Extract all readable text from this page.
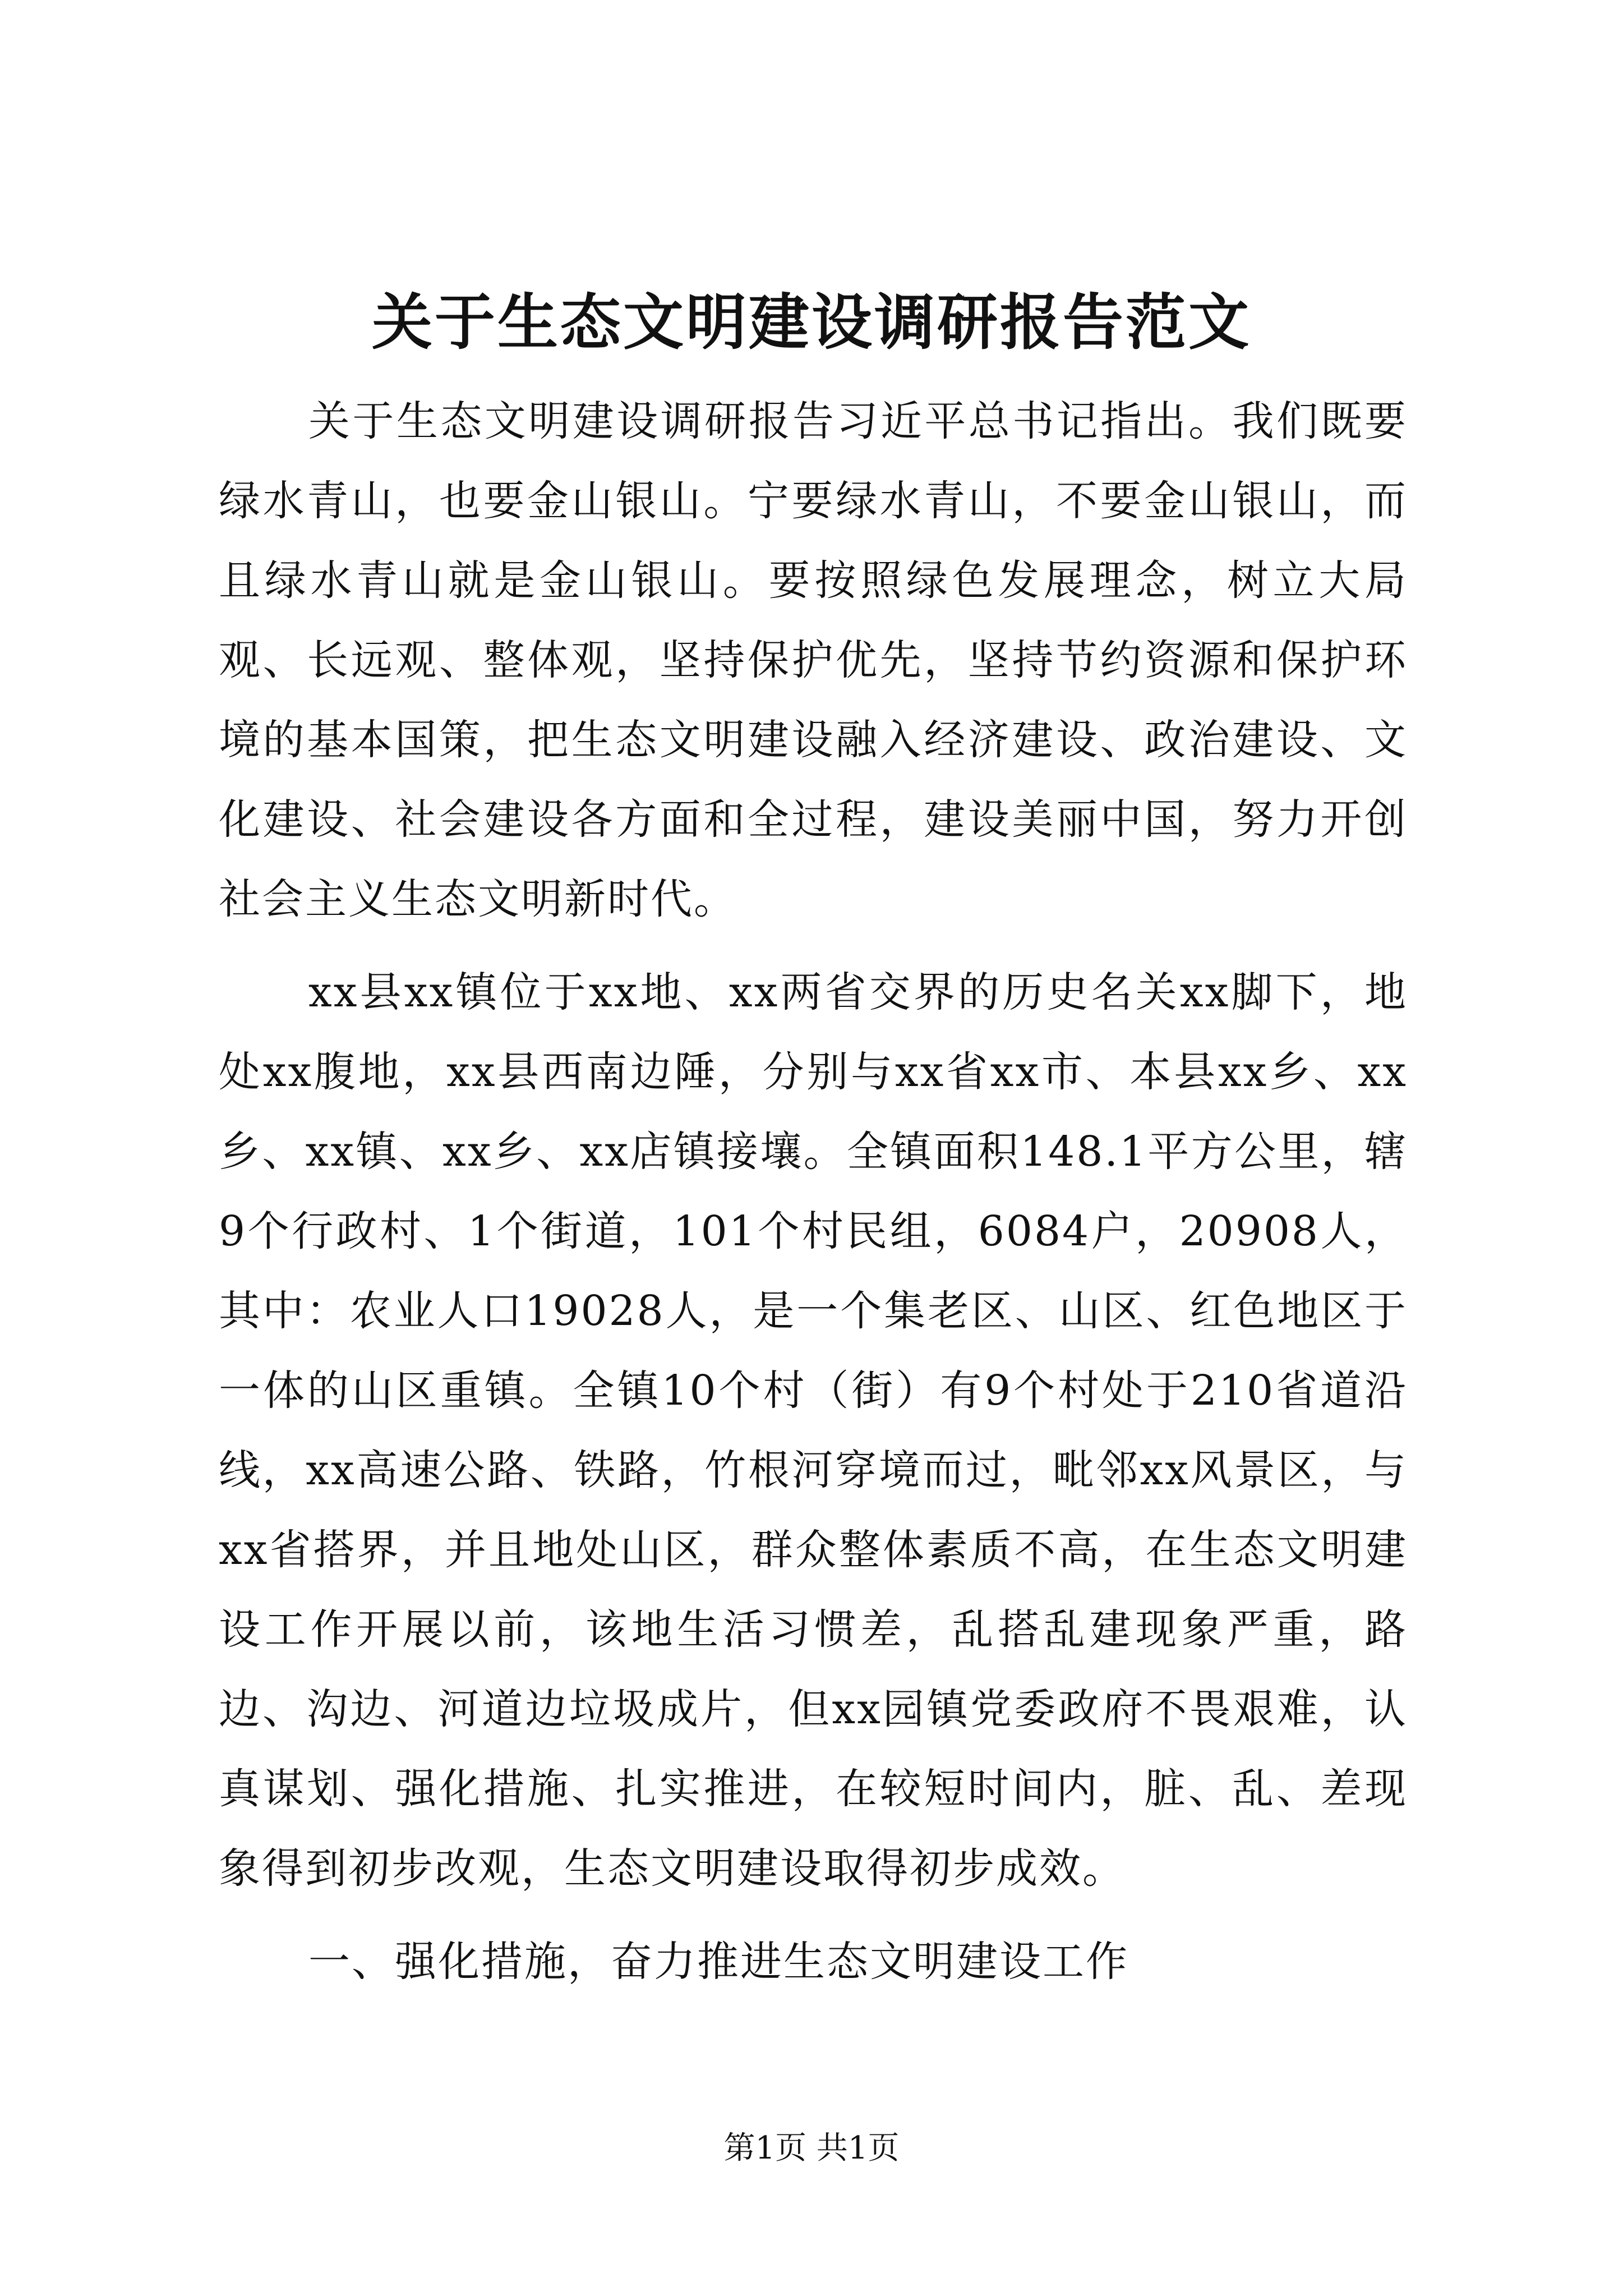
关于生态文明建设调研报告范文

关于生态文明建设调研报告习近平总书记指出。我们既要绿水青山，也要金山银山。宁要绿水青山，不要金山银山，而且绿水青山就是金山银山。要按照绿色发展理念，树立大局观、长远观、整体观，坚持保护优先，坚持节约资源和保护环境的基本国策，把生态文明建设融入经济建设、政治建设、文化建设、社会建设各方面和全过程，建设美丽中国，努力开创社会主义生态文明新时代。

xx县xx镇位于xx地、xx两省交界的历史名关xx脚下，地处xx腹地，xx县西南边陲，分别与xx省xx市、本县xx乡、xx乡、xx镇、xx乡、xx店镇接壤。全镇面积148.1平方公里，辖9个行政村、1个街道，101个村民组，6084户，20908人，其中：农业人口19028人，是一个集老区、山区、红色地区于一体的山区重镇。全镇10个村（街）有9个村处于210省道沿线，xx高速公路、铁路，竹根河穿境而过，毗邻xx风景区，与xx省搭界，并且地处山区，群众整体素质不高，在生态文明建设工作开展以前，该地生活习惯差，乱搭乱建现象严重，路边、沟边、河道边垃圾成片，但xx园镇党委政府不畏艰难，认真谋划、强化措施、扎实推进，在较短时间内，脏、乱、差现象得到初步改观，生态文明建设取得初步成效。

一、强化措施，奋力推进生态文明建设工作

第1页 共1页
